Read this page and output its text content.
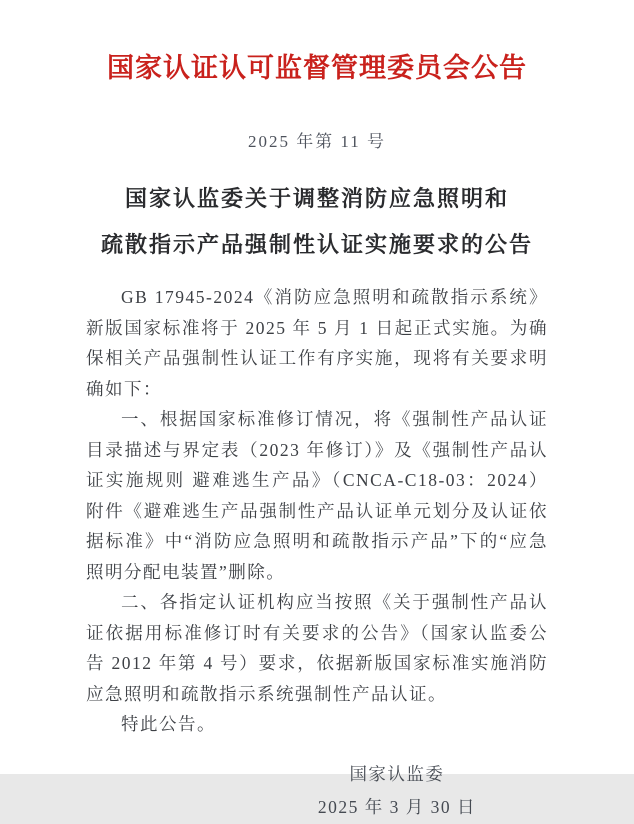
国家认证认可监督管理委员会公告
2025 年第 11 号
国家认监委关于调整消防应急照明和
疏散指示产品强制性认证实施要求的公告

GB 17945-2024《消防应急照明和疏散指示系统》新版国家标准将于 2025 年 5 月 1 日起正式实施。为确保相关产品强制性认证工作有序实施，现将有关要求明确如下：

一、根据国家标准修订情况，将《强制性产品认证目录描述与界定表（2023 年修订）》及《强制性产品认证实施规则 避难逃生产品》（CNCA-C18-03：2024）附件《避难逃生产品强制性产品认证单元划分及认证依据标准》中“消防应急照明和疏散指示产品”下的“应急照明分配电装置”删除。

二、各指定认证机构应当按照《关于强制性产品认证依据用标准修订时有关要求的公告》（国家认监委公告 2012 年第 4 号）要求，依据新版国家标准实施消防应急照明和疏散指示系统强制性产品认证。

特此公告。

国家认监委
2025 年 3 月 30 日
